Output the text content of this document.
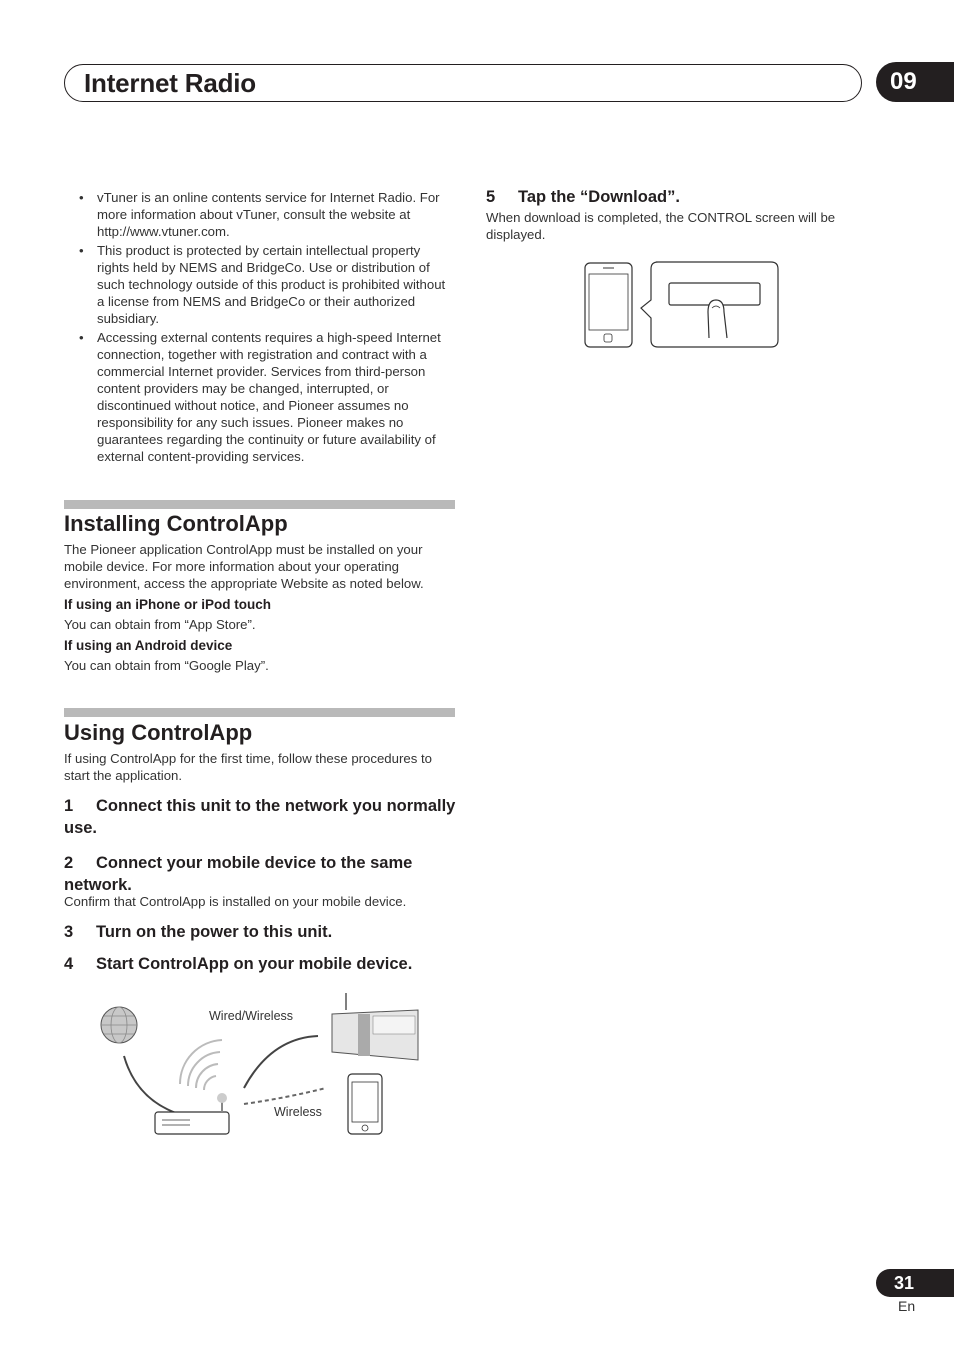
Internet Radio	09
• vTuner is an online contents service for Internet Radio. For more information about vTuner, consult the website at http://www.vtuner.com.
• This product is protected by certain intellectual property rights held by NEMS and BridgeCo. Use or distribution of such technology outside of this product is prohibited without a license from NEMS and BridgeCo or their authorized subsidiary.
• Accessing external contents requires a high-speed Internet connection, together with registration and contract with a commercial Internet provider. Services from third-person content providers may be changed, interrupted, or discontinued without notice, and Pioneer assumes no responsibility for any such issues. Pioneer makes no guarantees regarding the continuity or future availability of external content-providing services.
Installing ControlApp
The Pioneer application ControlApp must be installed on your mobile device. For more information about your operating environment, access the appropriate Website as noted below.
If using an iPhone or iPod touch
You can obtain from “App Store”.
If using an Android device
You can obtain from “Google Play”.
Using ControlApp
If using ControlApp for the first time, follow these procedures to start the application.
1 Connect this unit to the network you normally use.
2 Connect your mobile device to the same network.
Confirm that ControlApp is installed on your mobile device.
3 Turn on the power to this unit.
4 Start ControlApp on your mobile device.
Wired/Wireless
Wireless
5 Tap the “Download”.
When download is completed, the CONTROL screen will be displayed.
31
En
